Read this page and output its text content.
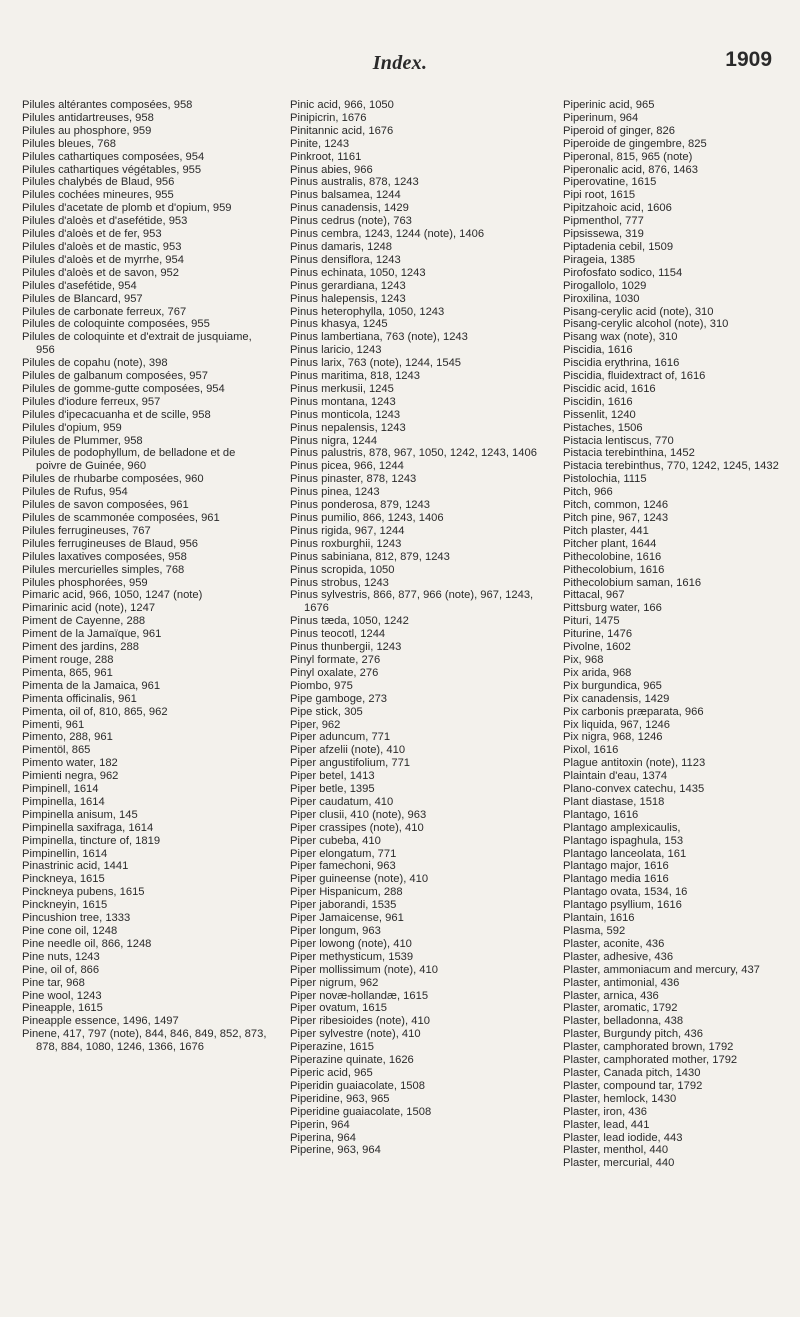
Index.	1909
Pilules altérantes composées, 958
Pilules antidartreuses, 958
Pilules au phosphore, 959
Pilules bleues, 768
Pilules cathartiques composées, 954
Pilules cathartiques végétables, 955
Pilules chalybés de Blaud, 956
Pilules cochées mineures, 955
Pilules d'acetate de plomb et d'opium, 959
Pilules d'aloès et d'asefétide, 953
Pilules d'aloès et de fer, 953
Pilules d'aloès et de mastic, 953
Pilules d'aloès et de myrrhe, 954
Pilules d'aloès et de savon, 952
Pilules d'asefétide, 954
Pilules de Blancard, 957
Pilules de carbonate ferreux, 767
Pilules de coloquinte composées, 955
Pilules de coloquinte et d'extrait de jusquiame, 956
Pilules de copahu (note), 398
Pilules de galbanum composées, 957
Pilules de gomme-gutte composées, 954
Pilules d'iodure ferreux, 957
Pilules d'ipecacuanha et de scille, 958
Pilules d'opium, 959
Pilules de Plummer, 958
Pilules de podophyllum, de belladone et de poivre de Guinée, 960
Pilules de rhubarbe composées, 960
Pilules de Rufus, 954
Pilules de savon composées, 961
Pilules de scammonée composées, 961
Pilules ferrugineuses, 767
Pilules ferrugineuses de Blaud, 956
Pilules laxatives composées, 958
Pilules mercurielles simples, 768
Pilules phosphorées, 959
Pimaric acid, 966, 1050, 1247 (note)
Pimarinic acid (note), 1247
Piment de Cayenne, 288
Piment de la Jamaïque, 961
Piment des jardins, 288
Piment rouge, 288
Pimenta, 865, 961
Pimenta de la Jamaica, 961
Pimenta officinalis, 961
Pimenta, oil of, 810, 865, 962
Pimenti, 961
Pimento, 288, 961
Pimentöl, 865
Pimento water, 182
Pimienti negra, 962
Pimpinell, 1614
Pimpinella, 1614
Pimpinella anisum, 145
Pimpinella saxifraga, 1614
Pimpinella, tincture of, 1819
Pimpinellin, 1614
Pinastrinic acid, 1441
Pinckneya, 1615
Pinckneya pubens, 1615
Pinckneyin, 1615
Pincushion tree, 1333
Pine cone oil, 1248
Pine needle oil, 866, 1248
Pine nuts, 1243
Pine, oil of, 866
Pine tar, 968
Pine wool, 1243
Pineapple, 1615
Pineapple essence, 1496, 1497
Pinene, 417, 797 (note), 844, 846, 849, 852, 873, 878, 884, 1080, 1246, 1366, 1676
Pinic acid, 966, 1050
Pinipicrin, 1676
Pinitannic acid, 1676
Pinite, 1243
Pinkroot, 1161
Pinus abies, 966
Pinus australis, 878, 1243
Pinus balsamea, 1244
Pinus canadensis, 1429
Pinus cedrus (note), 763
Pinus cembra, 1243, 1244 (note), 1406
Pinus damaris, 1248
Pinus densiflora, 1243
Pinus echinata, 1050, 1243
Pinus gerardiana, 1243
Pinus halepensis, 1243
Pinus heterophylla, 1050, 1243
Pinus khasya, 1245
Pinus lambertiana, 763 (note), 1243
Pinus laricio, 1243
Pinus larix, 763 (note), 1244, 1545
Pinus maritima, 818, 1243
Pinus merkusii, 1245
Pinus montana, 1243
Pinus monticola, 1243
Pinus nepalensis, 1243
Pinus nigra, 1244
Pinus palustris, 878, 967, 1050, 1242, 1243, 1406
Pinus picea, 966, 1244
Pinus pinaster, 878, 1243
Pinus pinea, 1243
Pinus ponderosa, 879, 1243
Pinus pumilio, 866, 1243, 1406
Pinus rigida, 967, 1244
Pinus roxburghii, 1243
Pinus sabiniana, 812, 879, 1243
Pinus scropida, 1050
Pinus strobus, 1243
Pinus sylvestris, 866, 877, 966 (note), 967, 1243, 1676
Pinus tæda, 1050, 1242
Pinus teocotl, 1244
Pinus thunbergii, 1243
Pinyl formate, 276
Pinyl oxalate, 276
Piombo, 975
Pipe gamboge, 273
Pipe stick, 305
Piper, 962
Piper aduncum, 771
Piper afzelii (note), 410
Piper angustifolium, 771
Piper betel, 1413
Piper betle, 1395
Piper caudatum, 410
Piper clusii, 410 (note), 963
Piper crassipes (note), 410
Piper cubeba, 410
Piper elongatum, 771
Piper famechoni, 963
Piper guineense (note), 410
Piper Hispanicum, 288
Piper jaborandi, 1535
Piper Jamaicense, 961
Piper longum, 963
Piper lowong (note), 410
Piper methysticum, 1539
Piper mollissimum (note), 410
Piper nigrum, 962
Piper novæ-hollandæ, 1615
Piper ovatum, 1615
Piper ribesioides (note), 410
Piper sylvestre (note), 410
Piperazine, 1615
Piperazine quinate, 1626
Piperic acid, 965
Piperidin guaiacolate, 1508
Piperidine, 963, 965
Piperidine guaiacolate, 1508
Piperin, 964
Piperina, 964
Piperine, 963, 964
Piperinic acid, 965
Piperinum, 964
Piperoid of ginger, 826
Piperoide de gingembre, 825
Piperonal, 815, 965 (note)
Piperonalic acid, 876, 1463
Piperovatine, 1615
Pipi root, 1615
Pipitzahoic acid, 1606
Pipmenthol, 777
Pipsissewa, 319
Piptadenia cebil, 1509
Pirageia, 1385
Pirofosfato sodico, 1154
Pirogallolo, 1029
Piroxilina, 1030
Pisang-cerylic acid (note), 310
Pisang-cerylic alcohol (note), 310
Pisang wax (note), 310
Piscidia, 1616
Piscidia erythrina, 1616
Piscidia, fluidextract of, 1616
Piscidic acid, 1616
Piscidin, 1616
Pissenlit, 1240
Pistaches, 1506
Pistacia lentiscus, 770
Pistacia terebinthina, 1452
Pistacia terebinthus, 770, 1242, 1245, 1432
Pistolochia, 1115
Pitch, 966
Pitch, common, 1246
Pitch pine, 967, 1243
Pitch plaster, 441
Pitcher plant, 1644
Pithecolobine, 1616
Pithecolobium, 1616
Pithecolobium saman, 1616
Pittacal, 967
Pittsburg water, 166
Pituri, 1475
Piturine, 1476
Pivolne, 1602
Pix, 968
Pix arida, 968
Pix burgundica, 965
Pix canadensis, 1429
Pix carbonis præparata, 966
Pix liquida, 967, 1246
Pix nigra, 968, 1246
Pixol, 1616
Plague antitoxin (note), 1123
Plaintain d'eau, 1374
Plano-convex catechu, 1435
Plant diastase, 1518
Plantago, 1616
Plantago amplexicaulis,
Plantago ispaghula, 153
Plantago lanceolata, 161
Plantago major, 1616
Plantago media 1616
Plantago ovata, 1534, 16
Plantago psyllium, 1616
Plantain, 1616
Plasma, 592
Plaster, aconite, 436
Plaster, adhesive, 436
Plaster, ammoniacum and mercury, 437
Plaster, antimonial, 436
Plaster, arnica, 436
Plaster, aromatic, 1792
Plaster, belladonna, 438
Plaster, Burgundy pitch, 436
Plaster, camphorated brown, 1792
Plaster, camphorated mother, 1792
Plaster, Canada pitch, 1430
Plaster, compound tar, 1792
Plaster, hemlock, 1430
Plaster, iron, 436
Plaster, lead, 441
Plaster, lead iodide, 443
Plaster, menthol, 440
Plaster, mercurial, 440
